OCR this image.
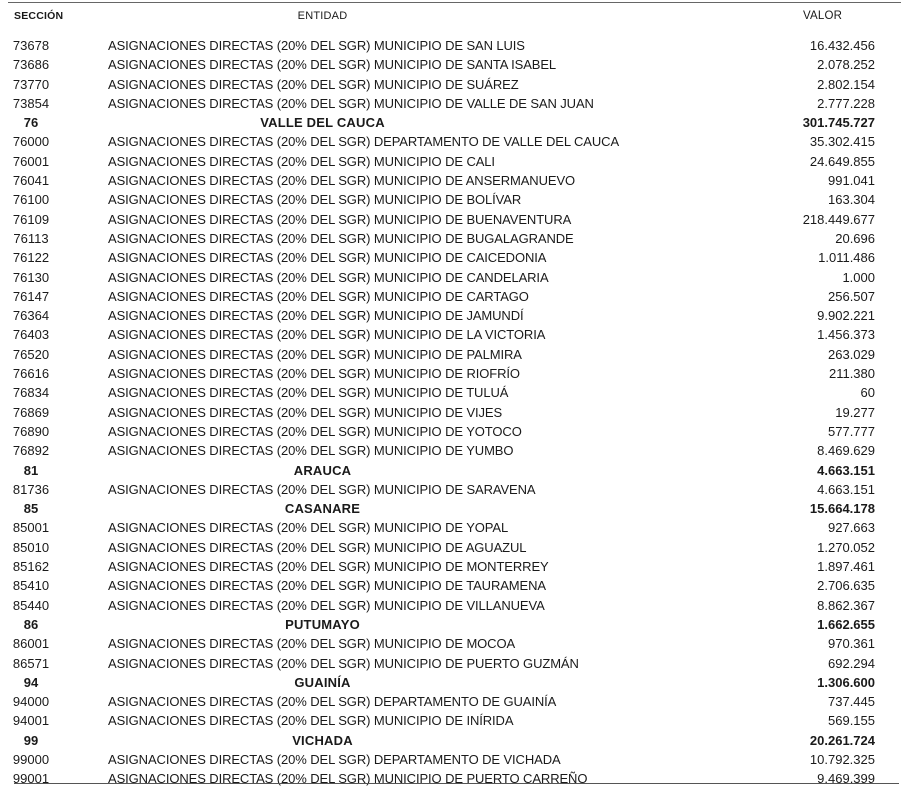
SECCIÓN	ENTIDAD	VALOR
73678	ASIGNACIONES DIRECTAS (20% DEL SGR) MUNICIPIO DE SAN LUIS	16.432.456
73686	ASIGNACIONES DIRECTAS (20% DEL SGR) MUNICIPIO DE SANTA ISABEL	2.078.252
73770	ASIGNACIONES DIRECTAS (20% DEL SGR) MUNICIPIO DE SUÁREZ	2.802.154
73854	ASIGNACIONES DIRECTAS (20% DEL SGR) MUNICIPIO DE VALLE DE SAN JUAN	2.777.228
76	VALLE DEL CAUCA	301.745.727
76000	ASIGNACIONES DIRECTAS (20% DEL SGR) DEPARTAMENTO DE VALLE DEL CAUCA	35.302.415
76001	ASIGNACIONES DIRECTAS (20% DEL SGR) MUNICIPIO DE CALI	24.649.855
76041	ASIGNACIONES DIRECTAS (20% DEL SGR) MUNICIPIO DE ANSERMANUEVO	991.041
76100	ASIGNACIONES DIRECTAS (20% DEL SGR) MUNICIPIO DE BOLÍVAR	163.304
76109	ASIGNACIONES DIRECTAS (20% DEL SGR) MUNICIPIO DE BUENAVENTURA	218.449.677
76113	ASIGNACIONES DIRECTAS (20% DEL SGR) MUNICIPIO DE BUGALAGRANDE	20.696
76122	ASIGNACIONES DIRECTAS (20% DEL SGR) MUNICIPIO DE CAICEDONIA	1.011.486
76130	ASIGNACIONES DIRECTAS (20% DEL SGR) MUNICIPIO DE CANDELARIA	1.000
76147	ASIGNACIONES DIRECTAS (20% DEL SGR) MUNICIPIO DE CARTAGO	256.507
76364	ASIGNACIONES DIRECTAS (20% DEL SGR) MUNICIPIO DE JAMUNDÍ	9.902.221
76403	ASIGNACIONES DIRECTAS (20% DEL SGR) MUNICIPIO DE LA VICTORIA	1.456.373
76520	ASIGNACIONES DIRECTAS (20% DEL SGR) MUNICIPIO DE PALMIRA	263.029
76616	ASIGNACIONES DIRECTAS (20% DEL SGR) MUNICIPIO DE RIOFRÍO	211.380
76834	ASIGNACIONES DIRECTAS (20% DEL SGR) MUNICIPIO DE TULUÁ	60
76869	ASIGNACIONES DIRECTAS (20% DEL SGR) MUNICIPIO DE VIJES	19.277
76890	ASIGNACIONES DIRECTAS (20% DEL SGR) MUNICIPIO DE YOTOCO	577.777
76892	ASIGNACIONES DIRECTAS (20% DEL SGR) MUNICIPIO DE YUMBO	8.469.629
81	ARAUCA	4.663.151
81736	ASIGNACIONES DIRECTAS (20% DEL SGR) MUNICIPIO DE SARAVENA	4.663.151
85	CASANARE	15.664.178
85001	ASIGNACIONES DIRECTAS (20% DEL SGR) MUNICIPIO DE YOPAL	927.663
85010	ASIGNACIONES DIRECTAS (20% DEL SGR) MUNICIPIO DE AGUAZUL	1.270.052
85162	ASIGNACIONES DIRECTAS (20% DEL SGR) MUNICIPIO DE MONTERREY	1.897.461
85410	ASIGNACIONES DIRECTAS (20% DEL SGR) MUNICIPIO DE TAURAMENA	2.706.635
85440	ASIGNACIONES DIRECTAS (20% DEL SGR) MUNICIPIO DE VILLANUEVA	8.862.367
86	PUTUMAYO	1.662.655
86001	ASIGNACIONES DIRECTAS (20% DEL SGR) MUNICIPIO DE MOCOA	970.361
86571	ASIGNACIONES DIRECTAS (20% DEL SGR) MUNICIPIO DE PUERTO GUZMÁN	692.294
94	GUAINÍA	1.306.600
94000	ASIGNACIONES DIRECTAS (20% DEL SGR) DEPARTAMENTO DE GUAINÍA	737.445
94001	ASIGNACIONES DIRECTAS (20% DEL SGR) MUNICIPIO DE INÍRIDA	569.155
99	VICHADA	20.261.724
99000	ASIGNACIONES DIRECTAS (20% DEL SGR) DEPARTAMENTO DE VICHADA	10.792.325
99001	ASIGNACIONES DIRECTAS (20% DEL SGR) MUNICIPIO DE PUERTO CARREÑO	9.469.399
